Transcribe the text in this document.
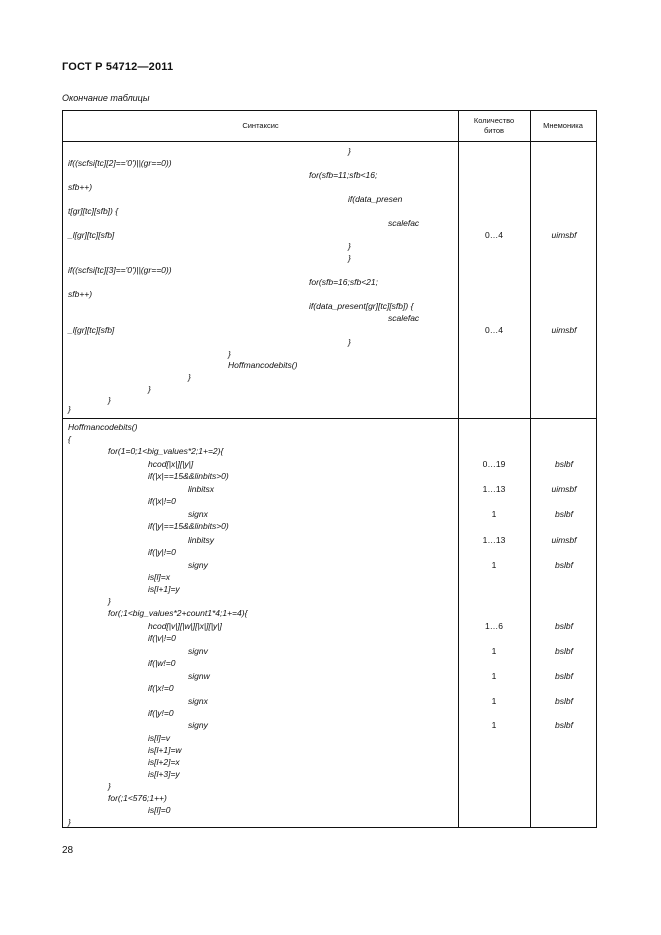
ГОСТ Р 54712—2011
Окончание таблицы
Синтаксис
Количество битов
Мнемоника
}
if((scfsi[tc][2]=='0')||(gr==0))
for(sfb=11;sfb<16;
sfb++)
if(data_presen
t[gr][tc][sfb]) {
scalefac
_l[gr][tc][sfb]	0…4	uimsbf
}
}
if((scfsi[tc][3]=='0')||(gr==0))
for(sfb=16;sfb<21;
sfb++)
if(data_present[gr][tc][sfb]) {
scalefac
_l[gr][tc][sfb]	0…4	uimsbf
}
}
Hoffmancodebits()
}
}
}
}
Hoffmancodebits()
{
for(1=0;1<big_values*2;1+=2){
hcod[|x|][|y|]	0…19	bslbf
if(|x|==15&&linbits>0)
linbitsx	1…13	uimsbf
if(|x|!=0
signx	1	bslbf
if(|y|==15&&linbits>0)
linbitsy	1…13	uimsbf
if(|y|!=0
signy	1	bslbf
is[l]=x
is[l+1]=y
}
for(;1<big_values*2+count1*4;1+=4){
hcod[|v|][|w|][|x|][|y|]	1…6	bslbf
if(|v|!=0
signv	1	bslbf
if(|w!=0
signw	1	bslbf
if(|x!=0
signx	1	bslbf
if(|y!=0
signy	1	bslbf
is[l]=v
is[l+1]=w
is[l+2]=x
is[l+3]=y
}
for(;1<576;1++)
is[l]=0
}
28
